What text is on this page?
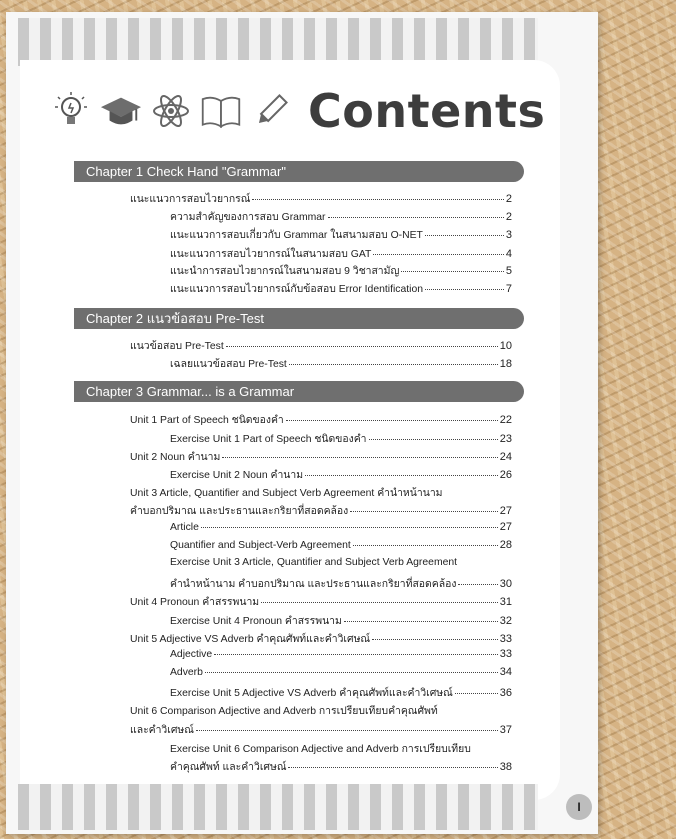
Contents
Chapter 1 Check Hand "Grammar"
Chapter 2 แนวข้อสอบ Pre-Test
Chapter 3 Grammar... is a Grammar
แนะแนวการสอบไวยากรณ์	2
ความสำคัญของการสอบ Grammar	2
แนะแนวการสอบเกี่ยวกับ Grammar ในสนามสอบ O-NET	3
แนะแนวการสอบไวยากรณ์ในสนามสอบ GAT	4
แนะนำการสอบไวยากรณ์ในสนามสอบ 9 วิชาสามัญ	5
แนะแนวการสอบไวยากรณ์กับข้อสอบ Error Identification	7
แนวข้อสอบ Pre-Test	10
เฉลยแนวข้อสอบ Pre-Test	18
Unit 1 Part of Speech ชนิดของคำ	22
Exercise Unit 1 Part of Speech ชนิดของคำ	23
Unit 2 Noun คำนาม	24
Exercise Unit 2 Noun คำนาม	26
Unit 3 Article, Quantifier and Subject Verb Agreement คำนำหน้านาม
คำบอกปริมาณ และประธานและกริยาที่สอดคล้อง	27
Article	27
Quantifier and Subject-Verb Agreement	28
Exercise Unit 3 Article, Quantifier and Subject Verb Agreement
คำนำหน้านาม คำบอกปริมาณ และประธานและกริยาที่สอดคล้อง	30
Unit 4 Pronoun คำสรรพนาม	31
Exercise Unit 4 Pronoun คำสรรพนาม	32
Unit 5 Adjective VS Adverb คำคุณศัพท์และคำวิเศษณ์	33
Adjective	33
Adverb	34
Exercise Unit 5 Adjective VS Adverb คำคุณศัพท์และคำวิเศษณ์	36
Unit 6 Comparison Adjective and Adverb การเปรียบเทียบคำคุณศัพท์
และคำวิเศษณ์	37
Exercise Unit 6 Comparison Adjective and Adverb การเปรียบเทียบ
คำคุณศัพท์ และคำวิเศษณ์	38
I
